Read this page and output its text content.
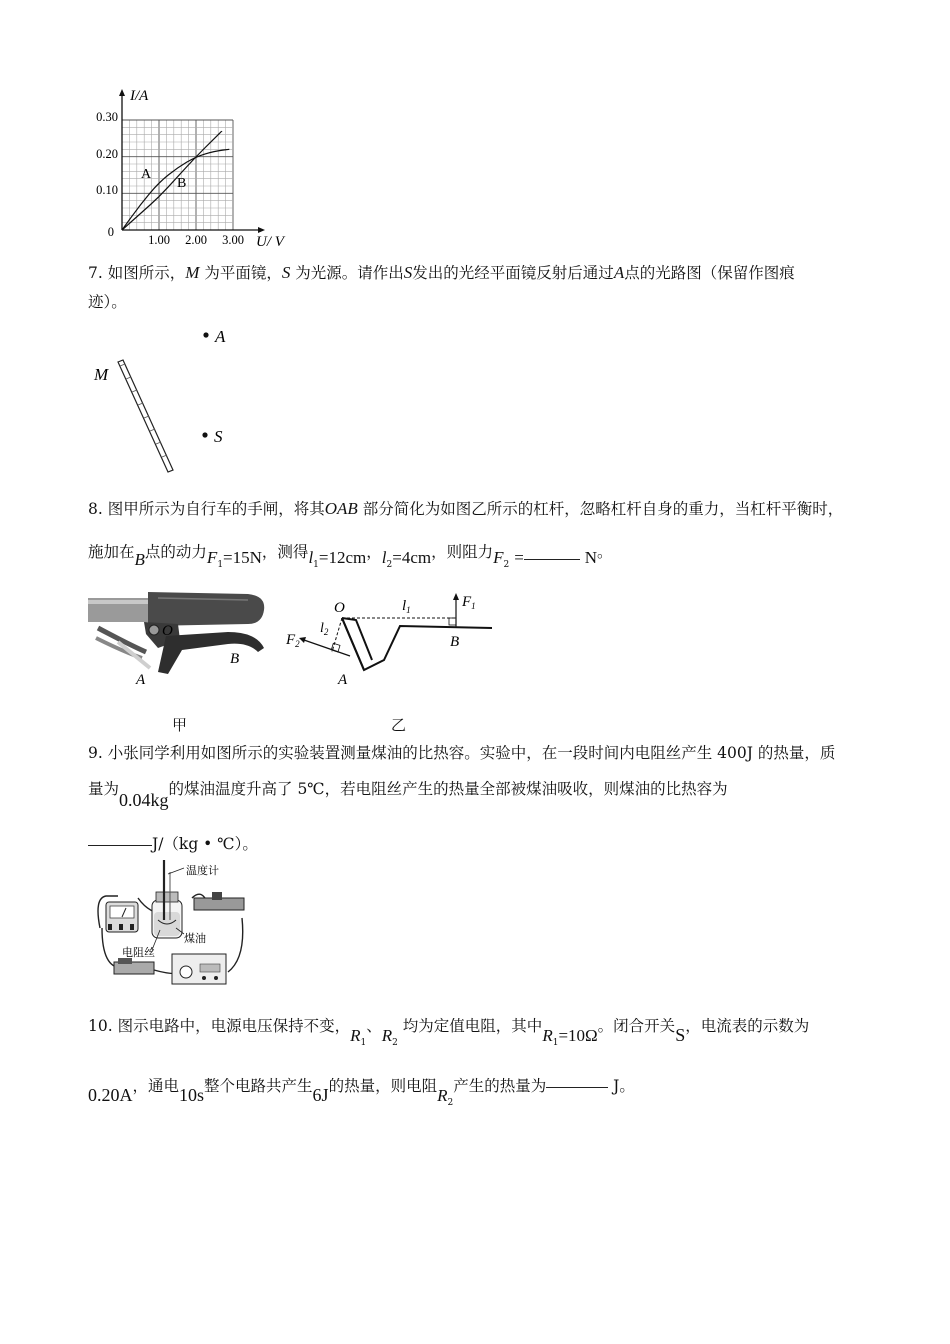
I/A
U/ V
0.30
0.20
0.10
0
1.00 2.00 3.00
A
B
7. 如图所示，M 为平面镜，S 为光源。请作出S发出的光经平面镜反射后通过A点的光路图（保留作图痕
迹）。
A
S
M
8. 图甲所示为自行车的手闸，将其OAB 部分简化为如图乙所示的杠杆，忽略杠杆自身的重力，当杠杆平衡时，
施加在B点的动力$F_1=15N$，测得$l_1=12cm$，$l_2=4cm$，则阻力$F_2$ =	N。
O
A
B
O	$l_1$	$F_1$
$l_2$
$F_2$
A
B
甲	乙
9. 小张同学利用如图所示的实验装置测量煤油的比热容。实验中，在一段时间内电阻丝产生 400J 的热量，质
量为0.04kg的煤油温度升高了 5℃，若电阻丝产生的热量全部被煤油吸收，则煤油的比热容为
J/（kg • ℃）。
温度计
煤油
电阻丝
10. 图示电路中，电源电压保持不变，$R_1$、$R_2$ 均为定值电阻，其中$R_1=10\Omega$。闭合开关S，电流表的示数为
0.20A，通电10s整个电路共产生6J的热量，则电阻$R_2$产生的热量为	J。
